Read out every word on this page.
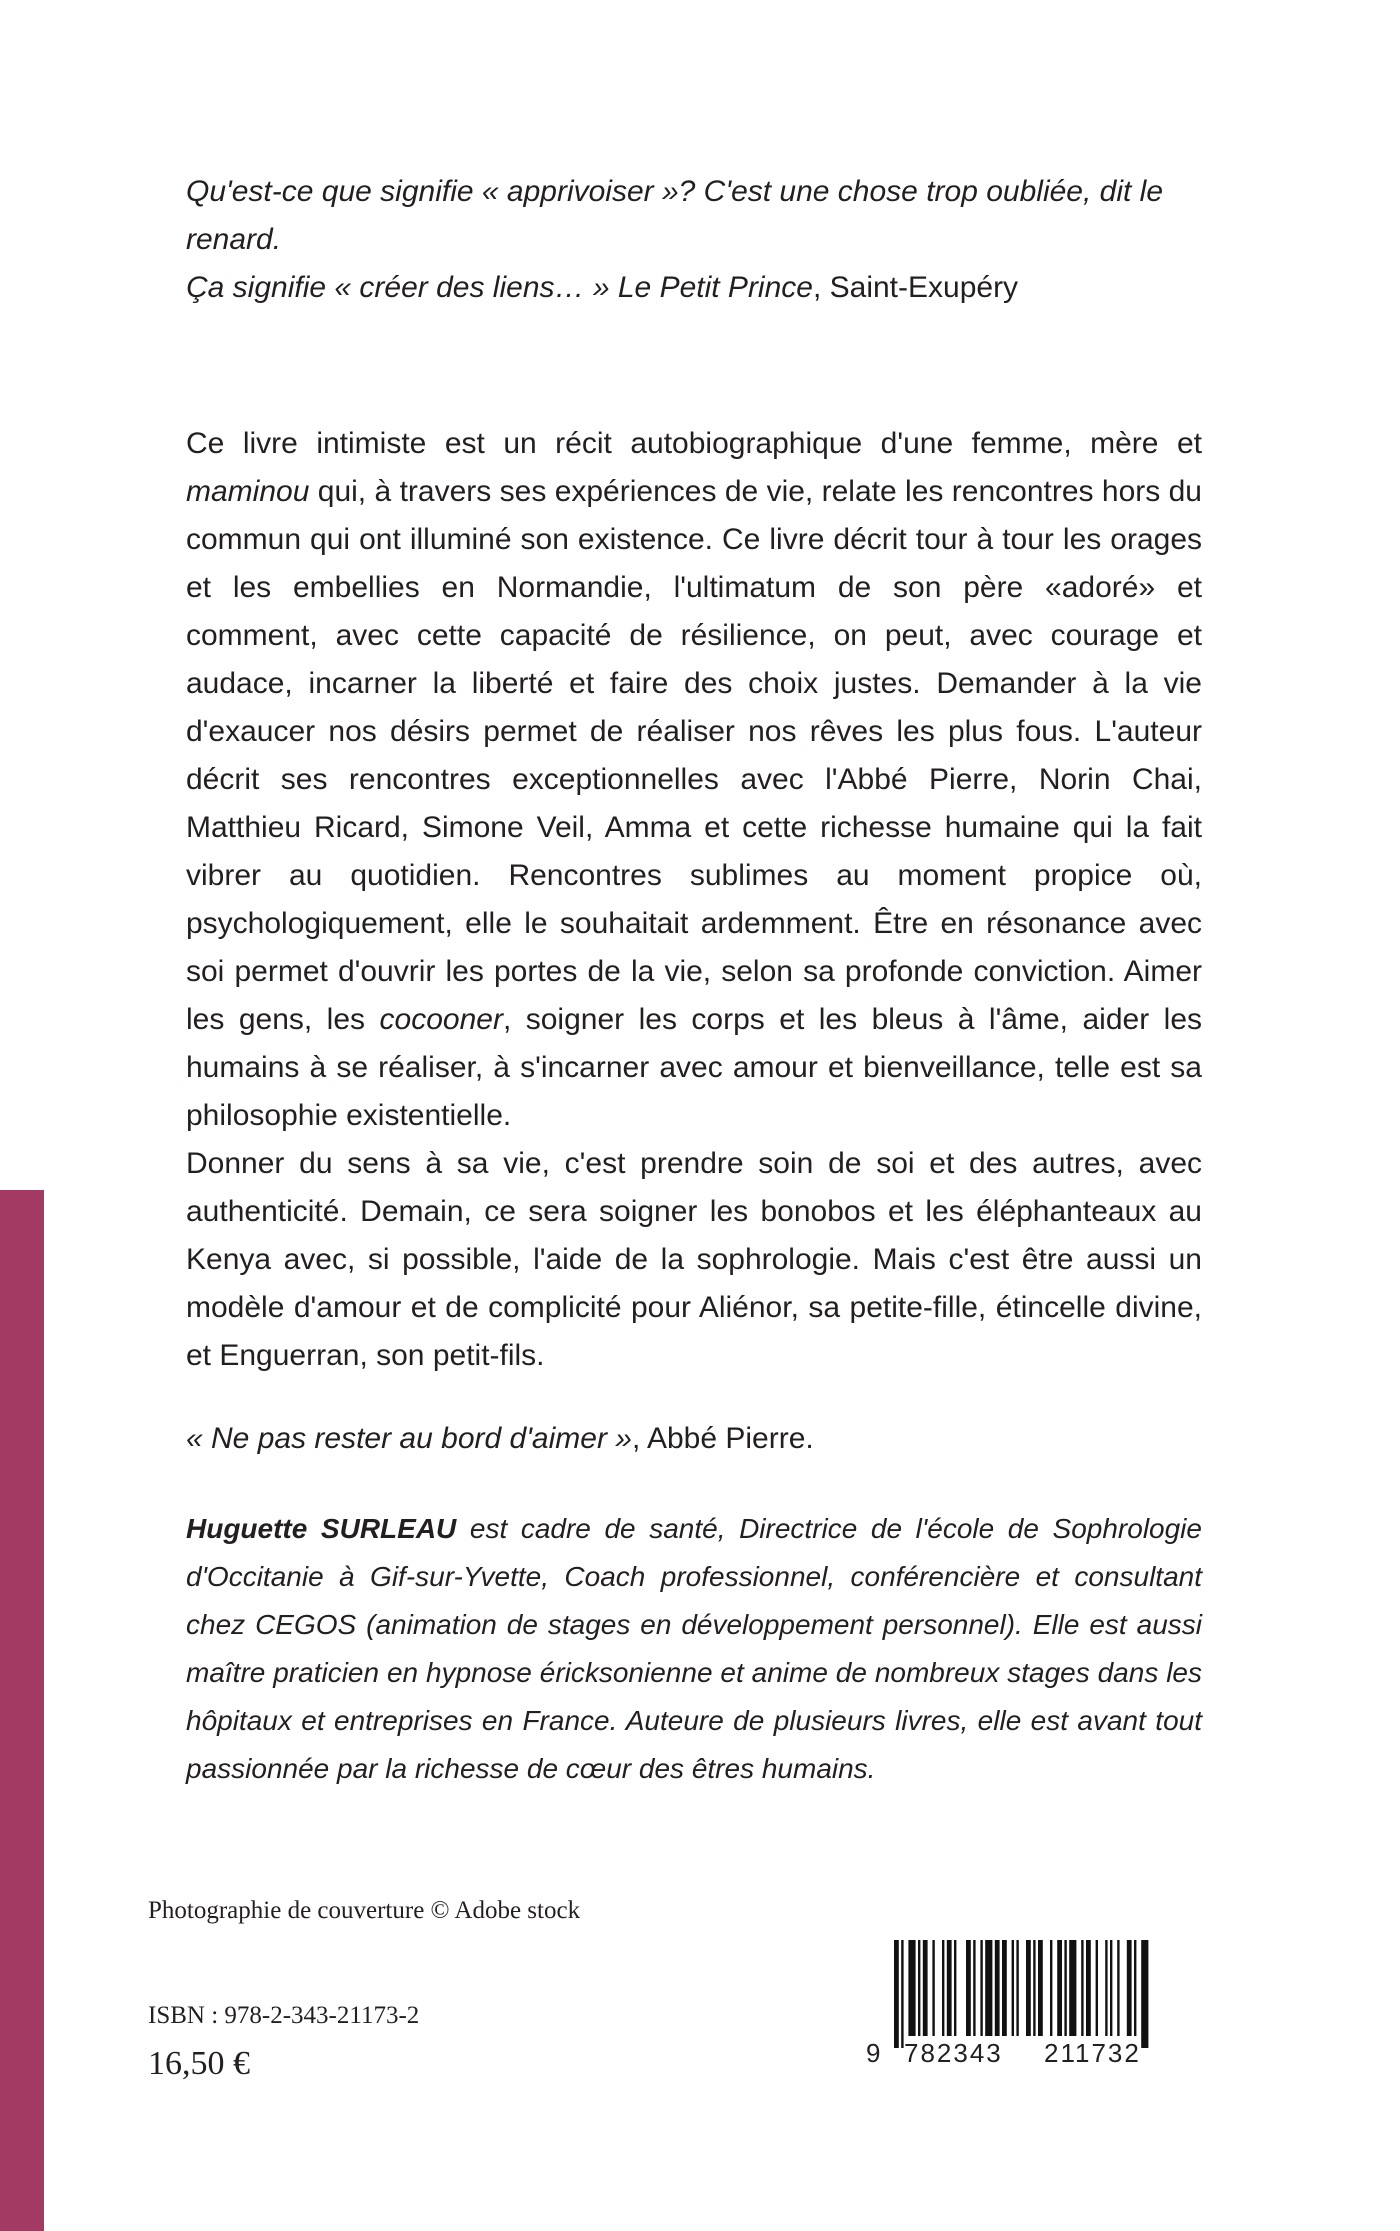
Qu'est-ce que signifie « apprivoiser »? C'est une chose trop oubliée, dit le renard.
Ça signifie « créer des liens… » Le Petit Prince, Saint-Exupéry

Ce livre intimiste est un récit autobiographique d'une femme, mère et maminou qui, à travers ses expériences de vie, relate les rencontres hors du commun qui ont illuminé son existence. Ce livre décrit tour à tour les orages et les embellies en Normandie, l'ultimatum de son père «adoré» et comment, avec cette capacité de résilience, on peut, avec courage et audace, incarner la liberté et faire des choix justes. Demander à la vie d'exaucer nos désirs permet de réaliser nos rêves les plus fous. L'auteur décrit ses rencontres exceptionnelles avec l'Abbé Pierre, Norin Chai, Matthieu Ricard, Simone Veil, Amma et cette richesse humaine qui la fait vibrer au quotidien. Rencontres sublimes au moment propice où, psychologiquement, elle le souhaitait ardemment. Être en résonance avec soi permet d'ouvrir les portes de la vie, selon sa profonde conviction. Aimer les gens, les cocooner, soigner les corps et les bleus à l'âme, aider les humains à se réaliser, à s'incarner avec amour et bienveillance, telle est sa philosophie existentielle.

Donner du sens à sa vie, c'est prendre soin de soi et des autres, avec authenticité. Demain, ce sera soigner les bonobos et les éléphanteaux au Kenya avec, si possible, l'aide de la sophrologie. Mais c'est être aussi un modèle d'amour et de complicité pour Aliénor, sa petite-fille, étincelle divine, et Enguerran, son petit-fils.

« Ne pas rester au bord d'aimer », Abbé Pierre.
Huguette SURLEAU est cadre de santé, Directrice de l'école de Sophrologie d'Occitanie à Gif-sur-Yvette, Coach professionnel, conférencière et consultant chez CEGOS (animation de stages en développement personnel). Elle est aussi maître praticien en hypnose éricksonienne et anime de nombreux stages dans les hôpitaux et entreprises en France. Auteure de plusieurs livres, elle est avant tout passionnée par la richesse de cœur des êtres humains.
Photographie de couverture © Adobe stock
ISBN : 978-2-343-21173-2
16,50 €	9 782343 211732
